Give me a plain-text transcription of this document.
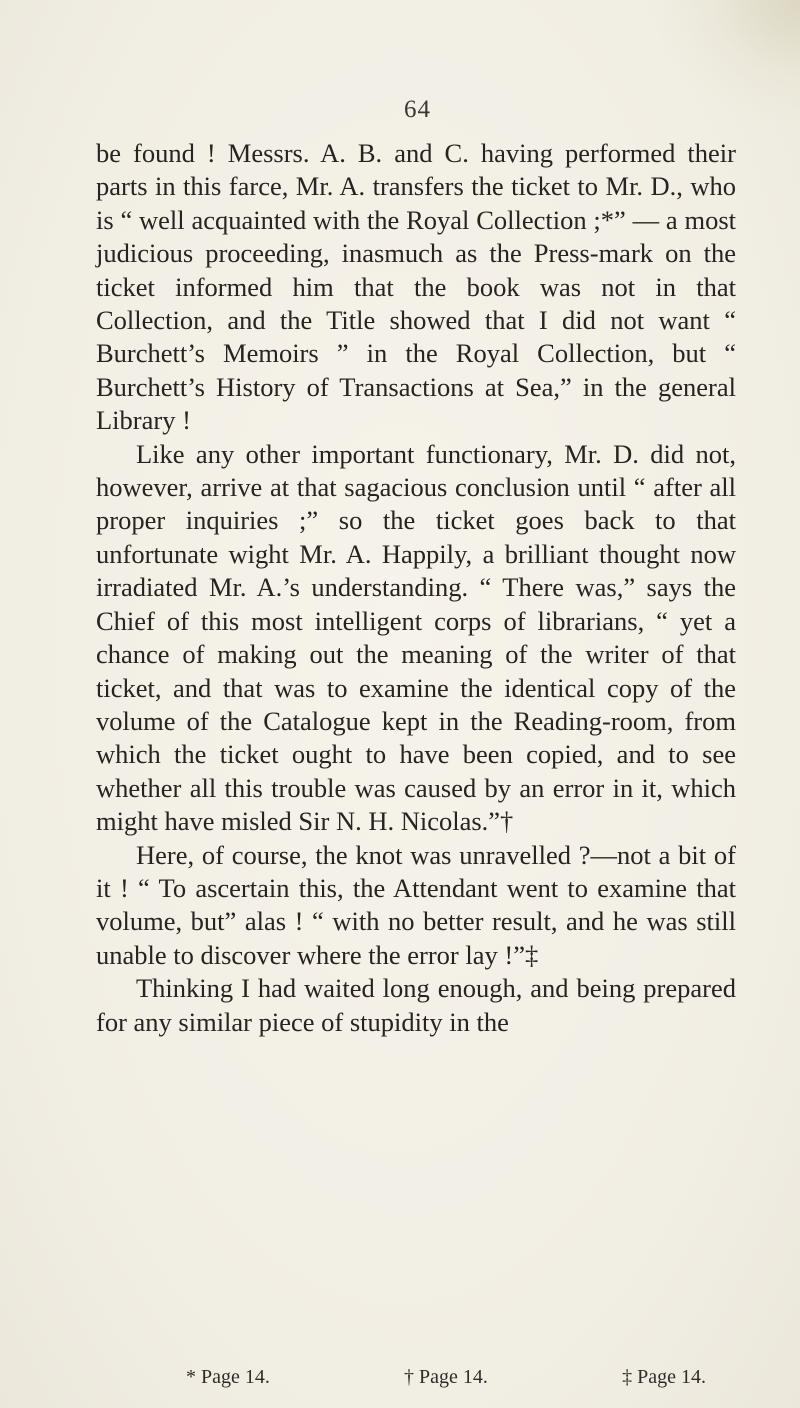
64

be found ! Messrs. A. B. and C. having performed their parts in this farce, Mr. A. transfers the ticket to Mr. D., who is “ well acquainted with the Royal Collection ;*” — a most judicious proceeding, inasmuch as the Press-mark on the ticket informed him that the book was not in that Collection, and the Title showed that I did not want “ Burchett’s Memoirs ” in the Royal Collection, but “ Burchett’s History of Transactions at Sea,” in the general Library !

Like any other important functionary, Mr. D. did not, however, arrive at that sagacious conclusion until “ after all proper inquiries ;” so the ticket goes back to that unfortunate wight Mr. A. Happily, a brilliant thought now irradiated Mr. A.’s understanding. “ There was,” says the Chief of this most intelligent corps of librarians, “ yet a chance of making out the meaning of the writer of that ticket, and that was to examine the identical copy of the volume of the Catalogue kept in the Reading-room, from which the ticket ought to have been copied, and to see whether all this trouble was caused by an error in it, which might have misled Sir N. H. Nicolas.”†

Here, of course, the knot was unravelled ?—not a bit of it ! “ To ascertain this, the Attendant went to examine that volume, but” alas ! “ with no better result, and he was still unable to discover where the error lay !”‡

Thinking I had waited long enough, and being prepared for any similar piece of stupidity in the

* Page 14.	† Page 14.	‡ Page 14.
